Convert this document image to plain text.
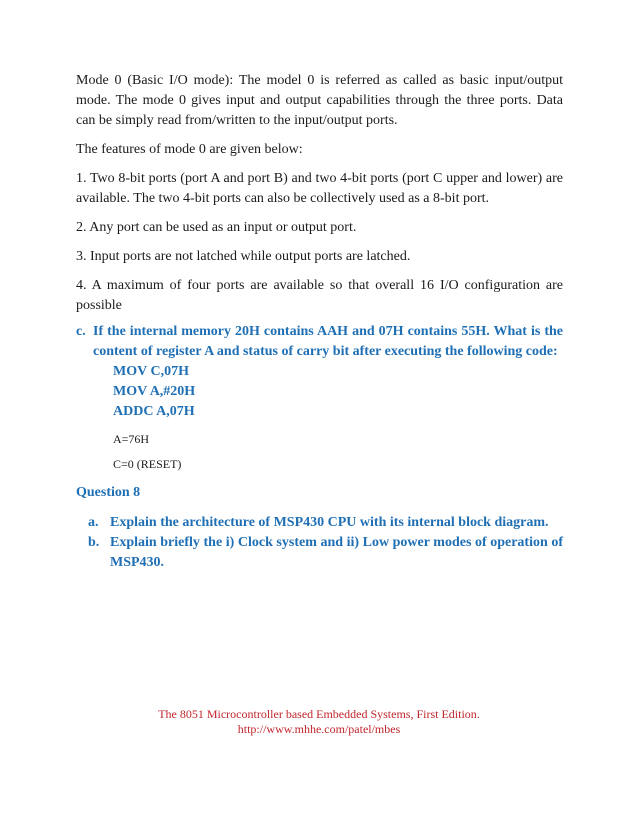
Mode 0 (Basic I/O mode): The model 0 is referred as called as basic input/output mode. The mode 0 gives input and output capabilities through the three ports. Data can be simply read from/written to the input/output ports.

The features of mode 0 are given below:

1. Two 8-bit ports (port A and port B) and two 4-bit ports (port C upper and lower) are available. The two 4-bit ports can also be collectively used as a 8-bit port.

2. Any port can be used as an input or output port.

3. Input ports are not latched while output ports are latched.

4. A maximum of four ports are available so that overall 16 I/O configuration are possible

c. If the internal memory 20H contains AAH and 07H contains 55H. What is the content of register A and status of carry bit after executing the following code:
MOV C,07H
MOV A,#20H
ADDC A,07H
A=76H
C=0 (RESET)
Question 8
a. Explain the architecture of MSP430 CPU with its internal block diagram.
b. Explain briefly the i) Clock system and ii) Low power modes of operation of MSP430.
The 8051 Microcontroller based Embedded Systems, First Edition.
http://www.mhhe.com/patel/mbes
